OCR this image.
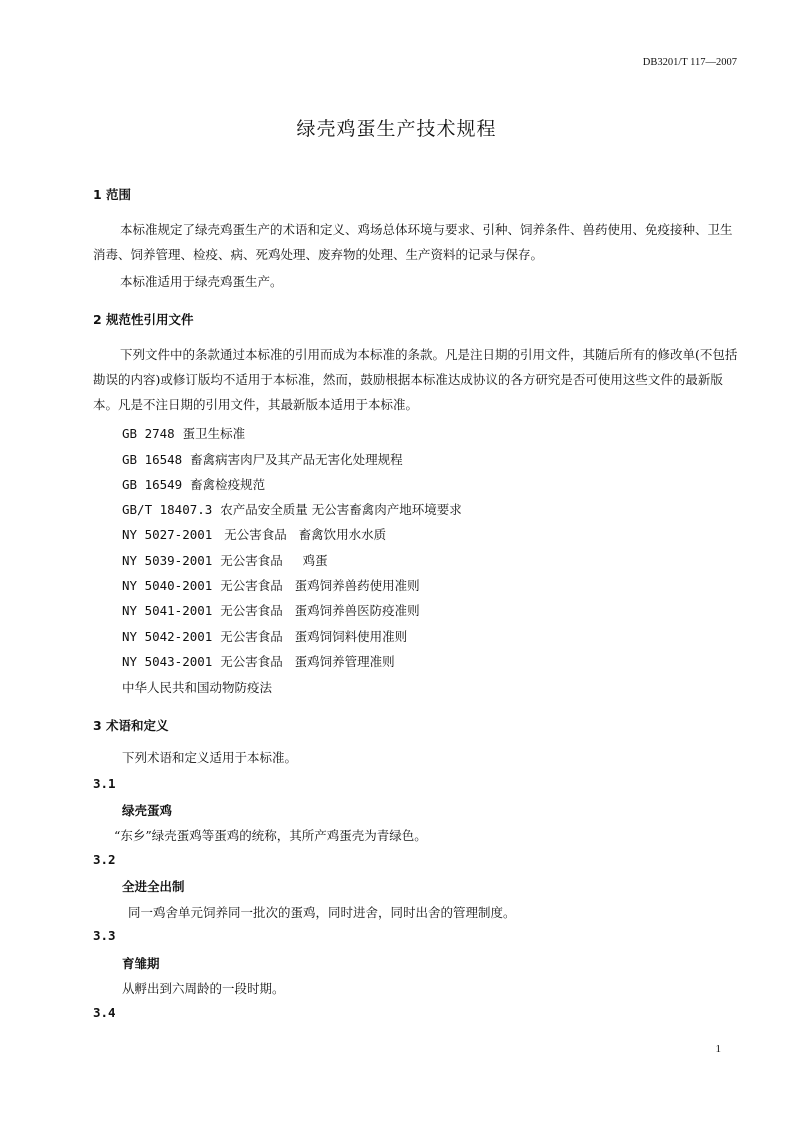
DB3201/T 117—2007
绿壳鸡蛋生产技术规程
1 范围
本标准规定了绿壳鸡蛋生产的术语和定义、鸡场总体环境与要求、引种、饲养条件、兽药使用、免疫接种、卫生消毒、饲养管理、检疫、病、死鸡处理、废弃物的处理、生产资料的记录与保存。
本标准适用于绿壳鸡蛋生产。
2 规范性引用文件
下列文件中的条款通过本标准的引用而成为本标准的条款。凡是注日期的引用文件，其随后所有的修改单(不包括勘误的内容)或修订版均不适用于本标准，然而，鼓励根据本标准达成协议的各方研究是否可使用这些文件的最新版本。凡是不注日期的引用文件，其最新版本适用于本标准。
GB 2748 蛋卫生标准
GB 16548 畜禽病害肉尸及其产品无害化处理规程
GB 16549 畜禽检疫规范
GB/T 18407.3 农产品安全质量 无公害畜禽肉产地环境要求
NY 5027-2001 无公害食品   畜禽饮用水水质
NY 5039-2001 无公害食品     鸡蛋
NY 5040-2001 无公害食品   蛋鸡饲养兽药使用准则
NY 5041-2001 无公害食品   蛋鸡饲养兽医防疫准则
NY 5042-2001 无公害食品   蛋鸡饲饲料使用准则
NY 5043-2001 无公害食品   蛋鸡饲养管理准则
中华人民共和国动物防疫法
3 术语和定义
下列术语和定义适用于本标准。
3.1
绿壳蛋鸡
“东乡”绿壳蛋鸡等蛋鸡的统称，其所产鸡蛋壳为青绿色。
3.2
全进全出制
同一鸡舍单元饲养同一批次的蛋鸡，同时进舍，同时出舍的管理制度。
3.3
育雏期
从孵出到六周龄的一段时期。
3.4
1
